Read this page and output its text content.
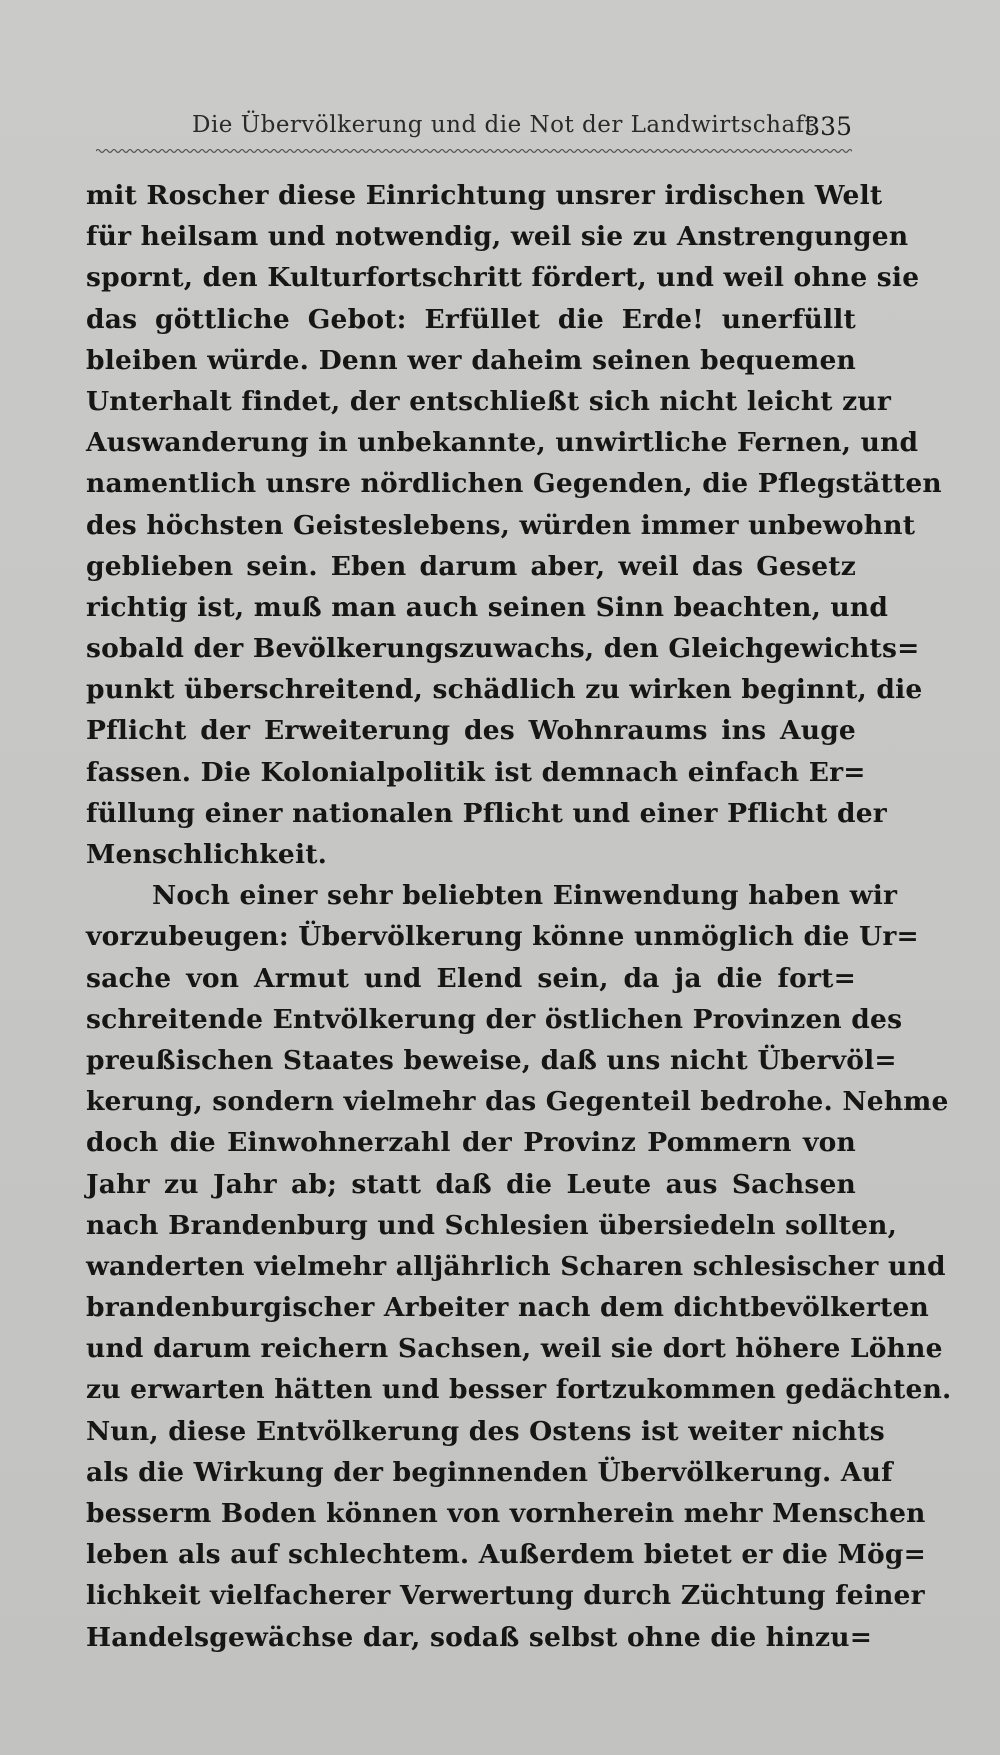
Die Übervölkerung und die Not der Landwirtschaft
335
mit Roscher diese Einrichtung unsrer irdischen Welt
für heilsam und notwendig, weil sie zu Anstrengungen
spornt, den Kulturfortschritt fördert, und weil ohne sie
das göttliche Gebot: Erfüllet die Erde! unerfüllt
bleiben würde. Denn wer daheim seinen bequemen
Unterhalt findet, der entschließt sich nicht leicht zur
Auswanderung in unbekannte, unwirtliche Fernen, und
namentlich unsre nördlichen Gegenden, die Pflegstätten
des höchsten Geisteslebens, würden immer unbewohnt
geblieben sein. Eben darum aber, weil das Gesetz
richtig ist, muß man auch seinen Sinn beachten, und
sobald der Bevölkerungszuwachs, den Gleichgewichts=
punkt überschreitend, schädlich zu wirken beginnt, die
Pflicht der Erweiterung des Wohnraums ins Auge
fassen. Die Kolonialpolitik ist demnach einfach Er=
füllung einer nationalen Pflicht und einer Pflicht der
Menschlichkeit.
Noch einer sehr beliebten Einwendung haben wir
vorzubeugen: Übervölkerung könne unmöglich die Ur=
sache von Armut und Elend sein, da ja die fort=
schreitende Entvölkerung der östlichen Provinzen des
preußischen Staates beweise, daß uns nicht Übervöl=
kerung, sondern vielmehr das Gegenteil bedrohe. Nehme
doch die Einwohnerzahl der Provinz Pommern von
Jahr zu Jahr ab; statt daß die Leute aus Sachsen
nach Brandenburg und Schlesien übersiedeln sollten,
wanderten vielmehr alljährlich Scharen schlesischer und
brandenburgischer Arbeiter nach dem dichtbevölkerten
und darum reichern Sachsen, weil sie dort höhere Löhne
zu erwarten hätten und besser fortzukommen gedächten.
Nun, diese Entvölkerung des Ostens ist weiter nichts
als die Wirkung der beginnenden Übervölkerung. Auf
besserm Boden können von vornherein mehr Menschen
leben als auf schlechtem. Außerdem bietet er die Mög=
lichkeit vielfacherer Verwertung durch Züchtung feiner
Handelsgewächse dar, sodaß selbst ohne die hinzu=
